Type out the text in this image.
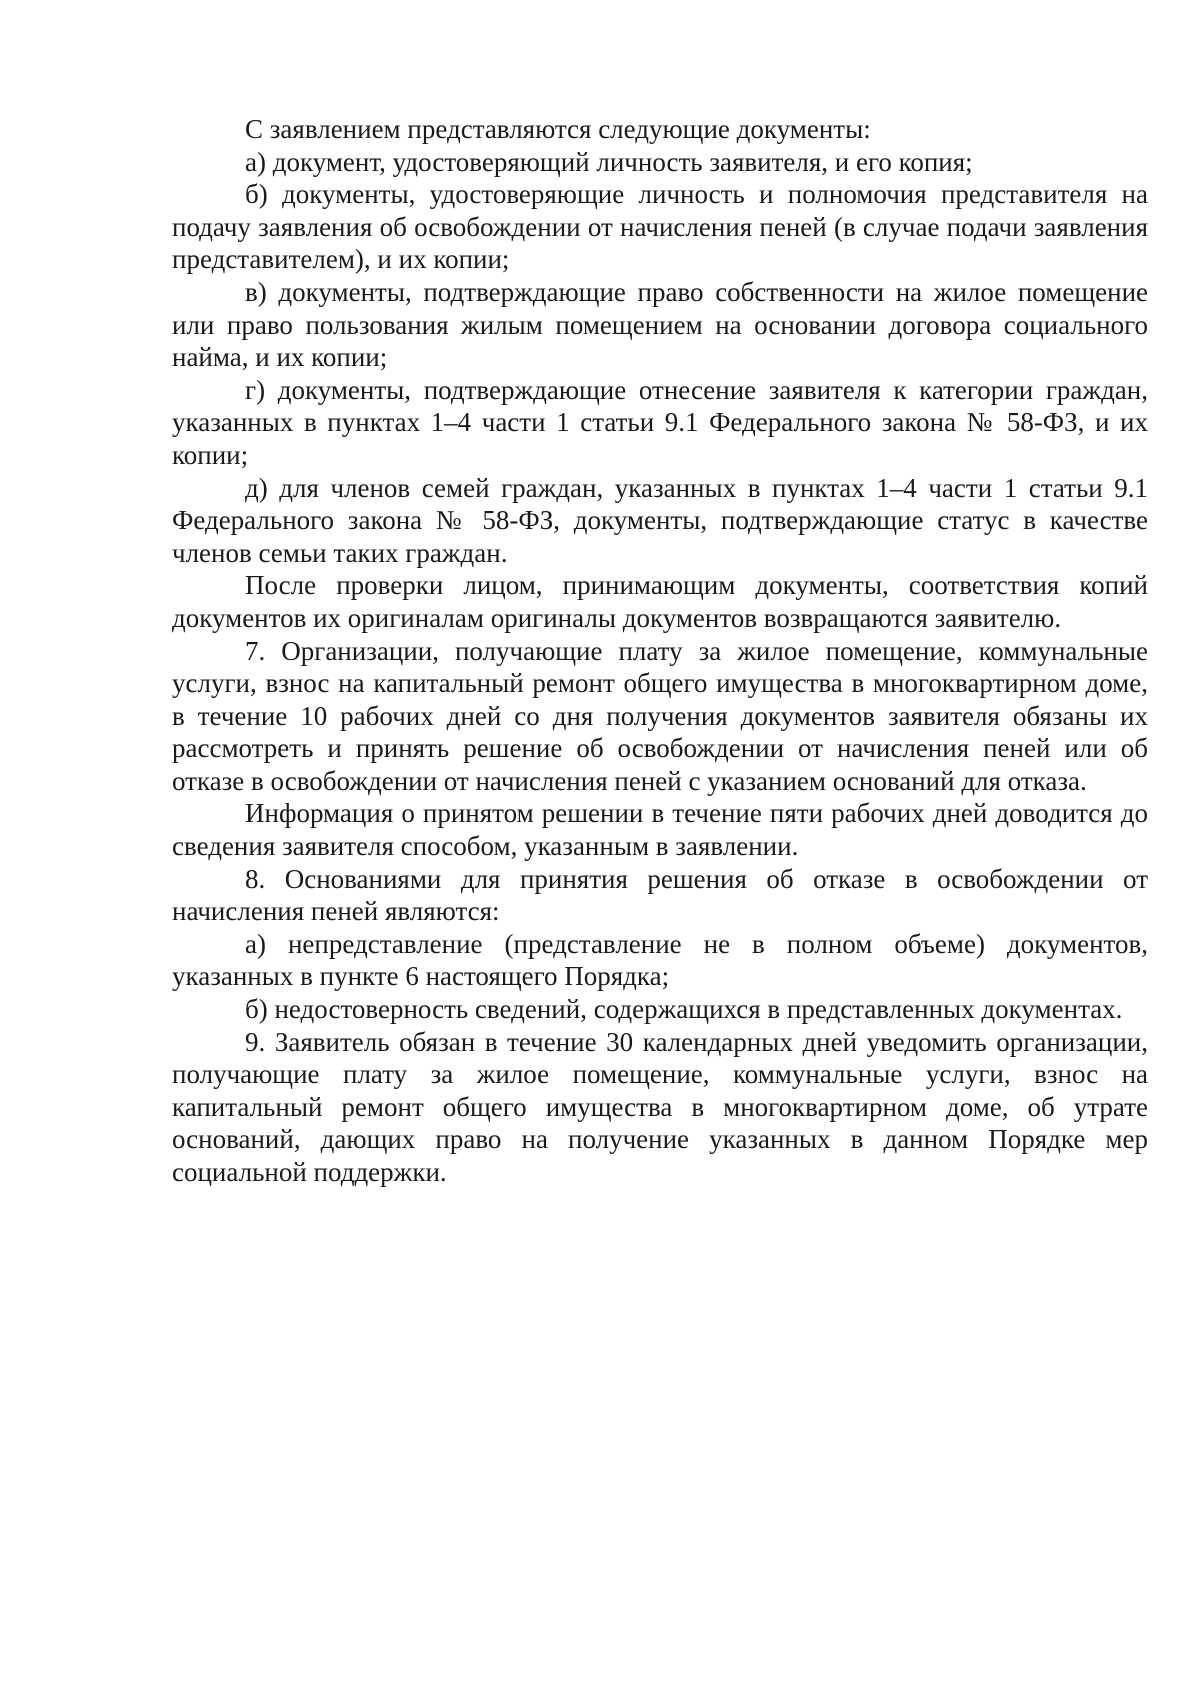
С заявлением представляются следующие документы:

а) документ, удостоверяющий личность заявителя, и его копия;

б) документы, удостоверяющие личность и полномочия представителя на подачу заявления об освобождении от начисления пеней (в случае подачи заявления представителем), и их копии;

в) документы, подтверждающие право собственности на жилое помещение или право пользования жилым помещением на основании договора социального найма, и их копии;

г) документы, подтверждающие отнесение заявителя к категории граждан, указанных в пунктах 1–4 части 1 статьи 9.1 Федерального закона № 58-ФЗ, и их копии;

д) для членов семей граждан, указанных в пунктах 1–4 части 1 статьи 9.1 Федерального закона № 58-ФЗ, документы, подтверждающие статус в качестве членов семьи таких граждан.

После проверки лицом, принимающим документы, соответствия копий документов их оригиналам оригиналы документов возвращаются заявителю.

7. Организации, получающие плату за жилое помещение, коммунальные услуги, взнос на капитальный ремонт общего имущества в многоквартирном доме, в течение 10 рабочих дней со дня получения документов заявителя обязаны их рассмотреть и принять решение об освобождении от начисления пеней или об отказе в освобождении от начисления пеней с указанием оснований для отказа.

Информация о принятом решении в течение пяти рабочих дней доводится до сведения заявителя способом, указанным в заявлении.

8. Основаниями для принятия решения об отказе в освобождении от начисления пеней являются:

а) непредставление (представление не в полном объеме) документов, указанных в пункте 6 настоящего Порядка;

б) недостоверность сведений, содержащихся в представленных документах.

9. Заявитель обязан в течение 30 календарных дней уведомить организации, получающие плату за жилое помещение, коммунальные услуги, взнос на капитальный ремонт общего имущества в многоквартирном доме, об утрате оснований, дающих право на получение указанных в данном Порядке мер социальной поддержки.
